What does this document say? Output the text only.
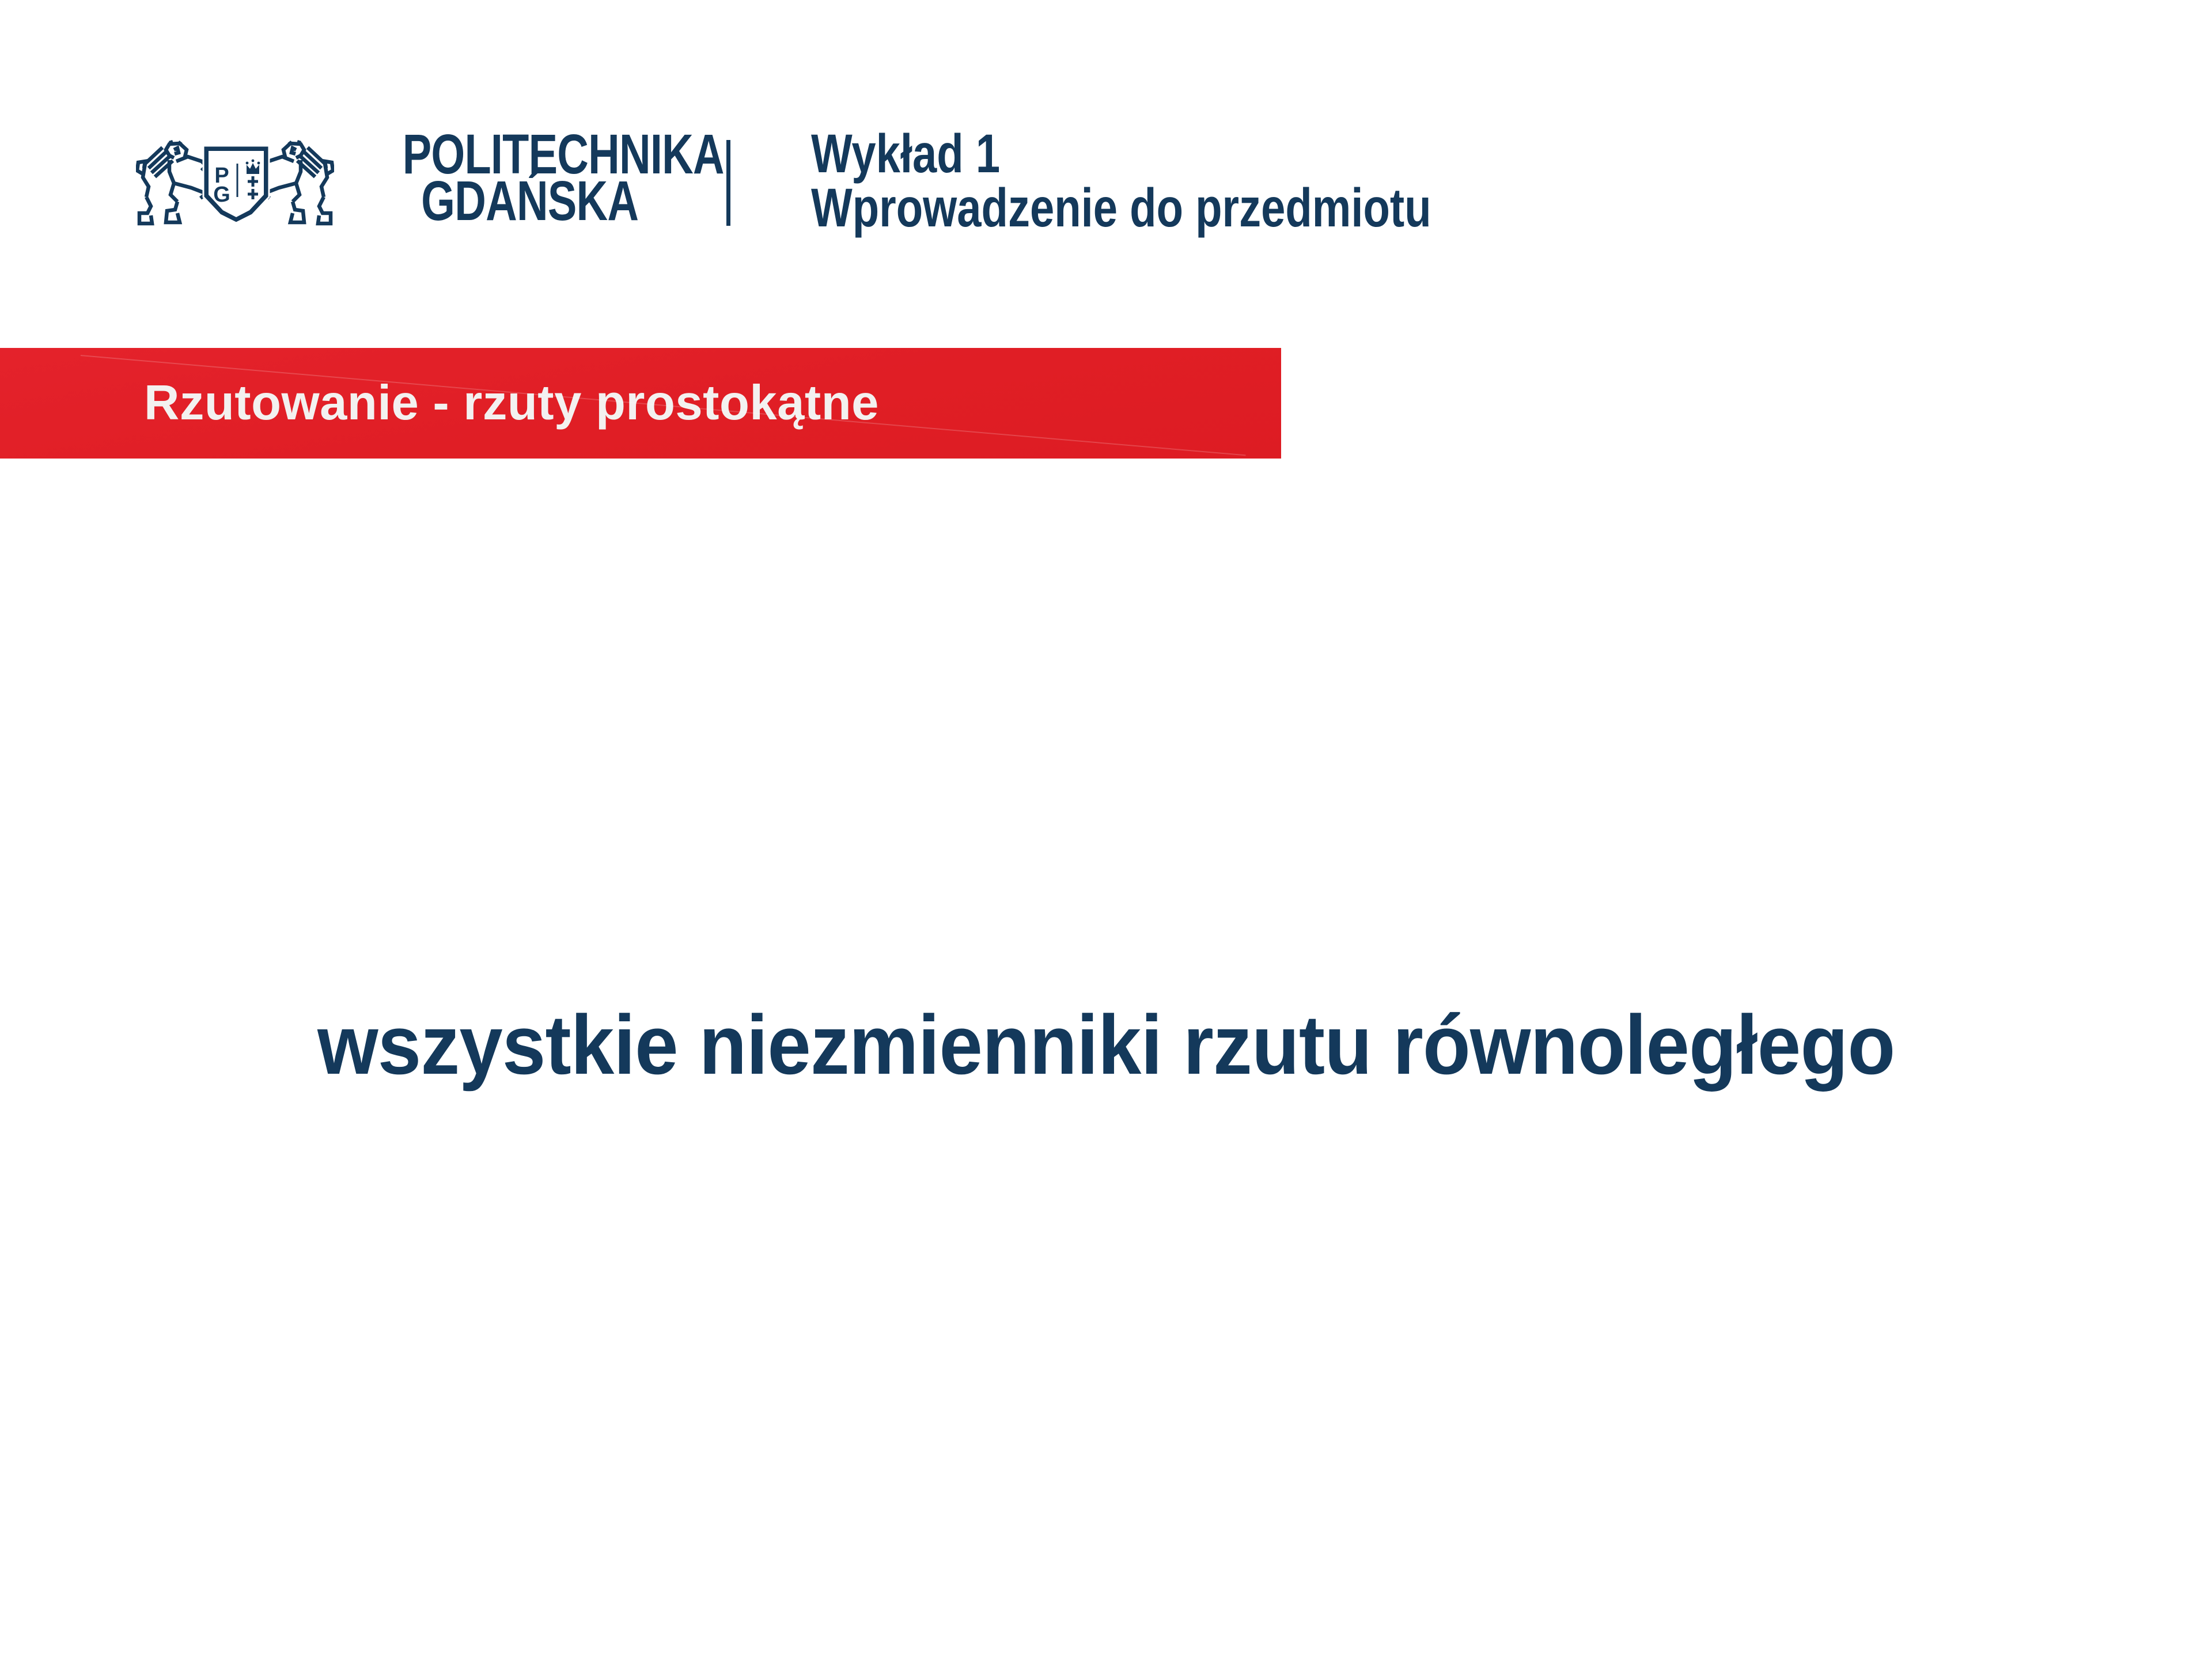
P
G
POLITECHNIKA
GDAŃSKA
Wykład 1
Wprowadzenie do przedmiotu
Rzutowanie - rzuty prostokątne
wszystkie niezmienniki rzutu równoległego
